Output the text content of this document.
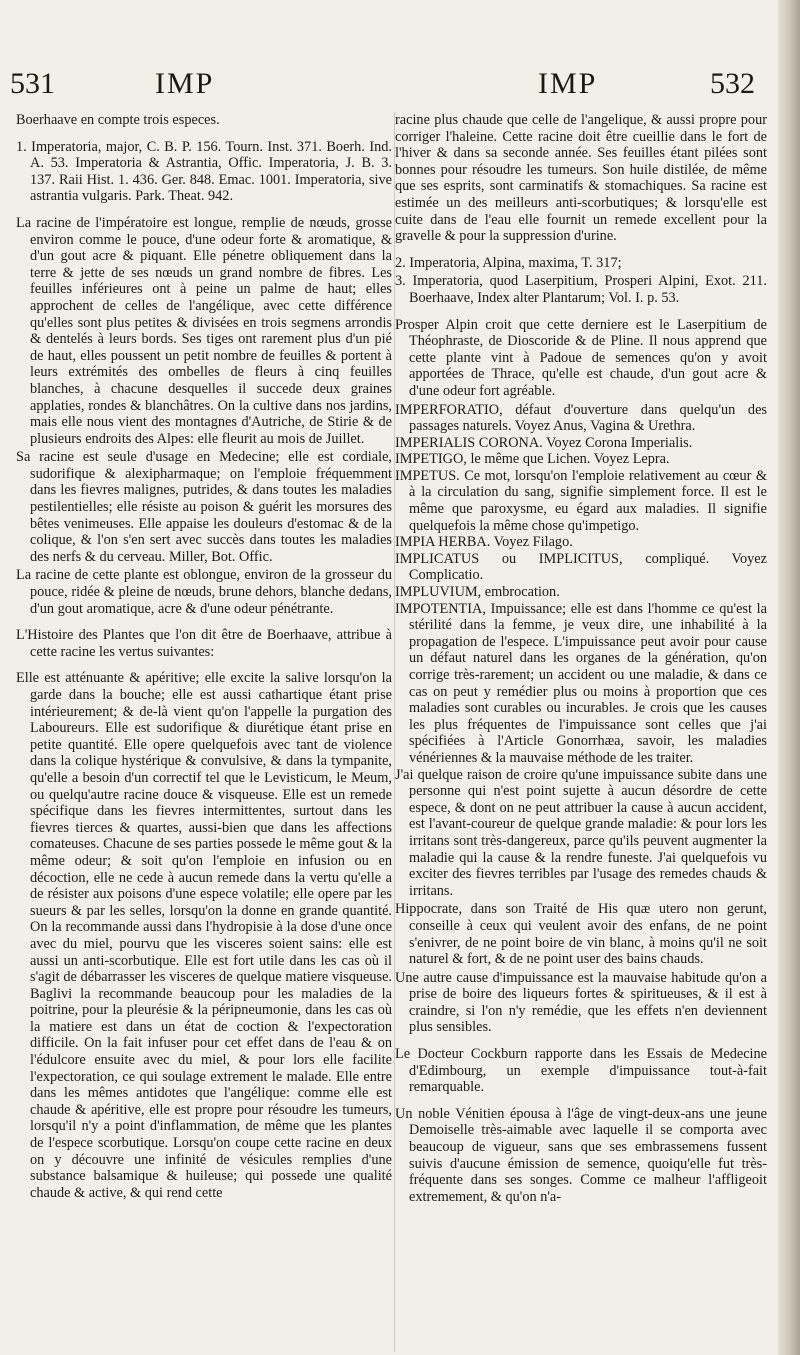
531	IMP	IMP	532

Boerhaave en compte trois especes.

1. Imperatoria, major, C. B. P. 156. Tourn. Inst. 371. Boerh. Ind. A. 53. Imperatoria & Astrantia, Offic. Imperatoria, J. B. 3. 137. Raii Hist. 1. 436. Ger. 848. Emac. 1001. Imperatoria, sive astrantia vulgaris. Park. Theat. 942.

La racine de l'impératoire est longue, remplie de nœuds, grosse environ comme le pouce, d'une odeur forte & aromatique, & d'un gout acre & piquant. Elle pénetre obliquement dans la terre & jette de ses nœuds un grand nombre de fibres. Les feuilles inférieures ont à peine un palme de haut; elles approchent de celles de l'angélique, avec cette différence qu'elles sont plus petites & divisées en trois segmens arrondis & dentelés à leurs bords. Ses tiges ont rarement plus d'un pié de haut, elles poussent un petit nombre de feuilles & portent à leurs extrémités des ombelles de fleurs à cinq feuilles blanches, à chacune desquelles il succede deux graines applaties, rondes & blanchâtres. On la cultive dans nos jardins, mais elle nous vient des montagnes d'Autriche, de Stirie & de plusieurs endroits des Alpes: elle fleurit au mois de Juillet.

Sa racine est seule d'usage en Medecine; elle est cordiale, sudorifique & alexipharmaque; on l'emploie fréquemment dans les fievres malignes, putrides, & dans toutes les maladies pestilentielles; elle résiste au poison & guérit les morsures des bêtes venimeuses. Elle appaise les douleurs d'estomac & de la colique, & l'on s'en sert avec succès dans toutes les maladies des nerfs & du cerveau. Miller, Bot. Offic.

La racine de cette plante est oblongue, environ de la grosseur du pouce, ridée & pleine de nœuds, brune dehors, blanche dedans, d'un gout aromatique, acre & d'une odeur pénétrante.

L'Histoire des Plantes que l'on dit être de Boerhaave, attribue à cette racine les vertus suivantes:

Elle est atténuante & apéritive; elle excite la salive lorsqu'on la garde dans la bouche; elle est aussi cathartique étant prise intérieurement; & de-là vient qu'on l'appelle la purgation des Laboureurs. Elle est sudorifique & diurétique étant prise en petite quantité. Elle opere quelquefois avec tant de violence dans la colique hystérique & convulsive, & dans la tympanite, qu'elle a besoin d'un correctif tel que le Levisticum, le Meum, ou quelqu'autre racine douce & visqueuse. Elle est un remede spécifique dans les fievres intermittentes, surtout dans les fievres tierces & quartes, aussi-bien que dans les affections comateuses. Chacune de ses parties possede le même gout & la même odeur; & soit qu'on l'emploie en infusion ou en décoction, elle ne cede à aucun remede dans la vertu qu'elle a de résister aux poisons d'une espece volatile; elle opere par les sueurs & par les selles, lorsqu'on la donne en grande quantité. On la recommande aussi dans l'hydropisie à la dose d'une once avec du miel, pourvu que les visceres soient sains: elle est aussi un anti-scorbutique. Elle est fort utile dans les cas où il s'agit de débarrasser les visceres de quelque matiere visqueuse. Baglivi la recommande beaucoup pour les maladies de la poitrine, pour la pleurésie & la péripneumonie, dans les cas où la matiere est dans un état de coction & l'expectoration difficile. On la fait infuser pour cet effet dans de l'eau & on l'édulcore ensuite avec du miel, & pour lors elle facilite l'expectoration, ce qui soulage extrement le malade. Elle entre dans les mêmes antidotes que l'angélique: comme elle est chaude & apéritive, elle est propre pour résoudre les tumeurs, lorsqu'il n'y a point d'inflammation, de même que les plantes de l'espece scorbutique. Lorsqu'on coupe cette racine en deux on y découvre une infinité de vésicules remplies d'une substance balsamique & huileuse; qui possede une qualité chaude & active, & qui rend cette

racine plus chaude que celle de l'angelique, & aussi propre pour corriger l'haleine. Cette racine doit être cueillie dans le fort de l'hiver & dans sa seconde année. Ses feuilles étant pilées sont bonnes pour résoudre les tumeurs. Son huile distilée, de même que ses esprits, sont carminatifs & stomachiques. Sa racine est estimée un des meilleurs anti-scorbutiques; & lorsqu'elle est cuite dans de l'eau elle fournit un remede excellent pour la gravelle & pour la suppression d'urine.

2. Imperatoria, Alpina, maxima, T. 317;

3. Imperatoria, quod Laserpitium, Prosperi Alpini, Exot. 211. Boerhaave, Index alter Plantarum; Vol. I. p. 53.

Prosper Alpin croit que cette derniere est le Laserpitium de Théophraste, de Dioscoride & de Pline. Il nous apprend que cette plante vint à Padoue de semences qu'on y avoit apportées de Thrace, qu'elle est chaude, d'un gout acre & d'une odeur fort agréable.

IMPERFORATIO, défaut d'ouverture dans quelqu'un des passages naturels. Voyez Anus, Vagina & Urethra.

IMPERIALIS CORONA. Voyez Corona Imperialis.

IMPETIGO, le même que Lichen. Voyez Lepra.

IMPETUS. Ce mot, lorsqu'on l'emploie relativement au cœur & à la circulation du sang, signifie simplement force. Il est le même que paroxysme, eu égard aux maladies. Il signifie quelquefois la même chose qu'impetigo.

IMPIA HERBA. Voyez Filago.

IMPLICATUS ou IMPLICITUS, compliqué. Voyez Complicatio.

IMPLUVIUM, embrocation.

IMPOTENTIA, Impuissance; elle est dans l'homme ce qu'est la stérilité dans la femme, je veux dire, une inhabilité à la propagation de l'espece. L'impuissance peut avoir pour cause un défaut naturel dans les organes de la génération, qu'on corrige très-rarement; un accident ou une maladie, & dans ce cas on peut y remédier plus ou moins à proportion que ces maladies sont curables ou incurables. Je crois que les causes les plus fréquentes de l'impuissance sont celles que j'ai spécifiées à l'Article Gonorrhæa, savoir, les maladies vénériennes & la mauvaise méthode de les traiter.

J'ai quelque raison de croire qu'une impuissance subite dans une personne qui n'est point sujette à aucun désordre de cette espece, & dont on ne peut attribuer la cause à aucun accident, est l'avant-coureur de quelque grande maladie: & pour lors les irritans sont très-dangereux, parce qu'ils peuvent augmenter la maladie qui la cause & la rendre funeste. J'ai quelquefois vu exciter des fievres terribles par l'usage des remedes chauds & irritans.

Hippocrate, dans son Traité de His quæ utero non gerunt, conseille à ceux qui veulent avoir des enfans, de ne point s'enivrer, de ne point boire de vin blanc, à moins qu'il ne soit naturel & fort, & de ne point user des bains chauds.

Une autre cause d'impuissance est la mauvaise habitude qu'on a prise de boire des liqueurs fortes & spiritueuses, & il est à craindre, si l'on n'y remédie, que les effets n'en deviennent plus sensibles.

Le Docteur Cockburn rapporte dans les Essais de Medecine d'Edimbourg, un exemple d'impuissance tout-à-fait remarquable.

Un noble Vénitien épousa à l'âge de vingt-deux-ans une jeune Demoiselle très-aimable avec laquelle il se comporta avec beaucoup de vigueur, sans que ses embrassemens fussent suivis d'aucune émission de semence, quoiqu'elle fut très-fréquente dans ses songes. Comme ce malheur l'affligeoit extremement, & qu'on n'a-
